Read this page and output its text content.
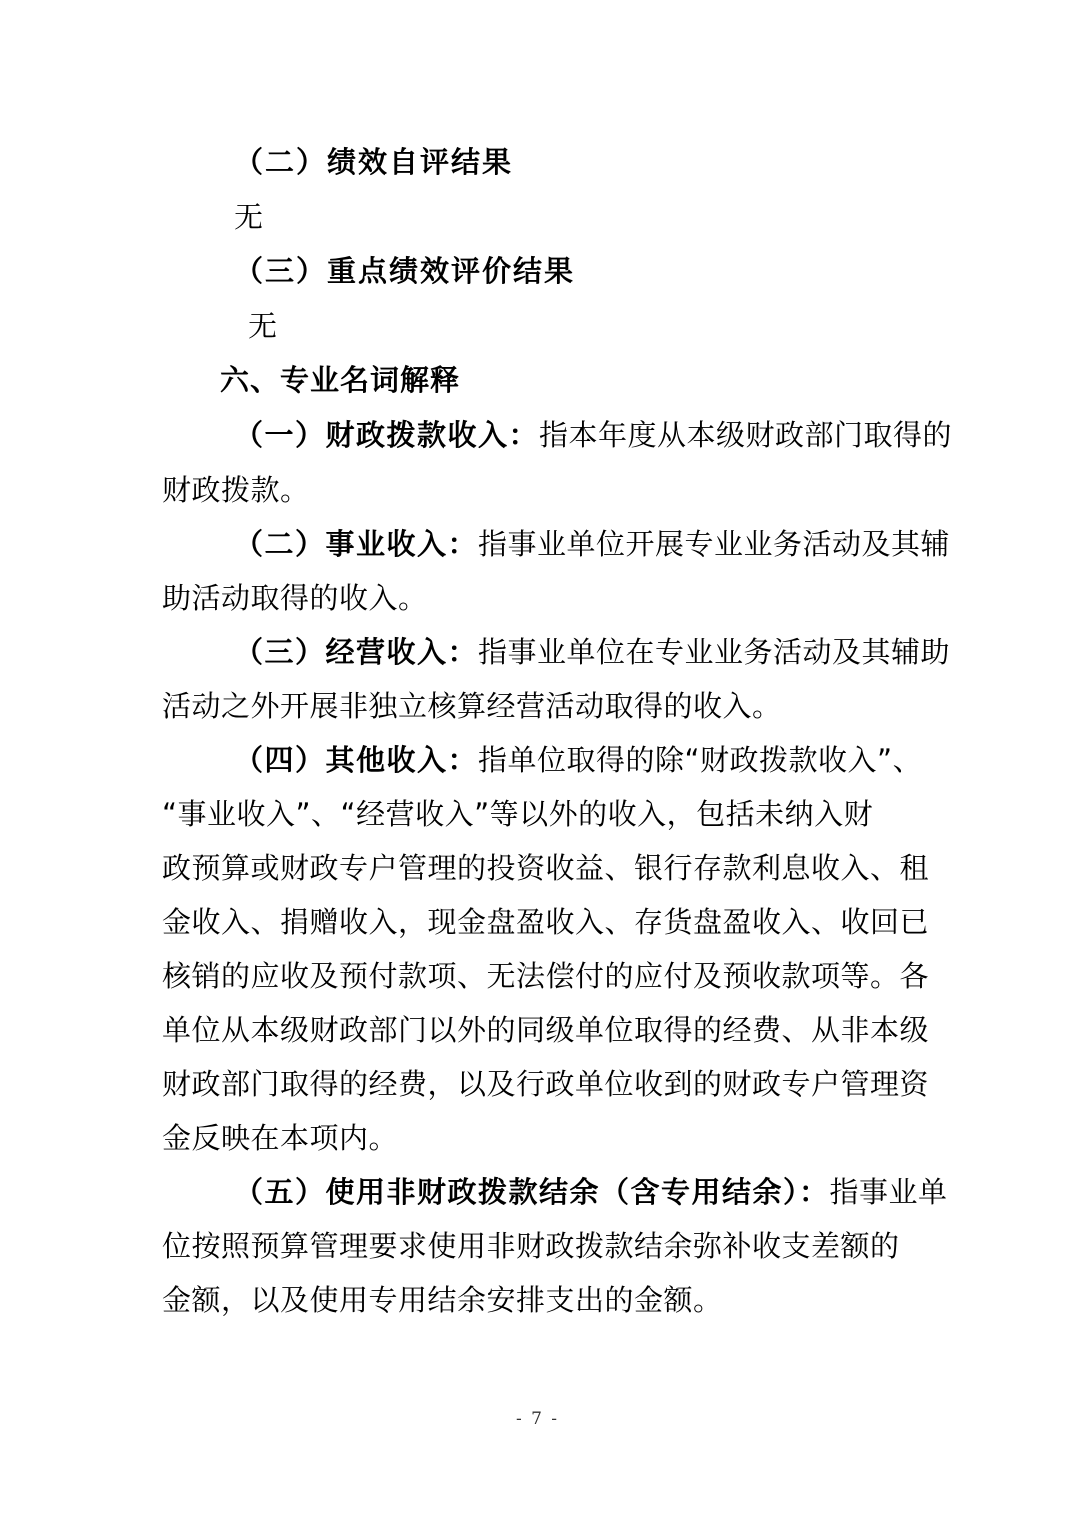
（二）绩效自评结果
无
（三）重点绩效评价结果
无
六、专业名词解释
（一）财政拨款收入：指本年度从本级财政部门取得的
财政拨款。
（二）事业收入：指事业单位开展专业业务活动及其辅
助活动取得的收入。
（三）经营收入：指事业单位在专业业务活动及其辅助
活动之外开展非独立核算经营活动取得的收入。
（四）其他收入：指单位取得的除“财政拨款收入”、
“事业收入”、“经营收入”等以外的收入，包括未纳入财
政预算或财政专户管理的投资收益、银行存款利息收入、租
金收入、捐赠收入，现金盘盈收入、存货盘盈收入、收回已
核销的应收及预付款项、无法偿付的应付及预收款项等。各
单位从本级财政部门以外的同级单位取得的经费、从非本级
财政部门取得的经费，以及行政单位收到的财政专户管理资
金反映在本项内。
（五）使用非财政拨款结余（含专用结余）：指事业单
位按照预算管理要求使用非财政拨款结余弥补收支差额的
金额，以及使用专用结余安排支出的金额。
- 7 -
